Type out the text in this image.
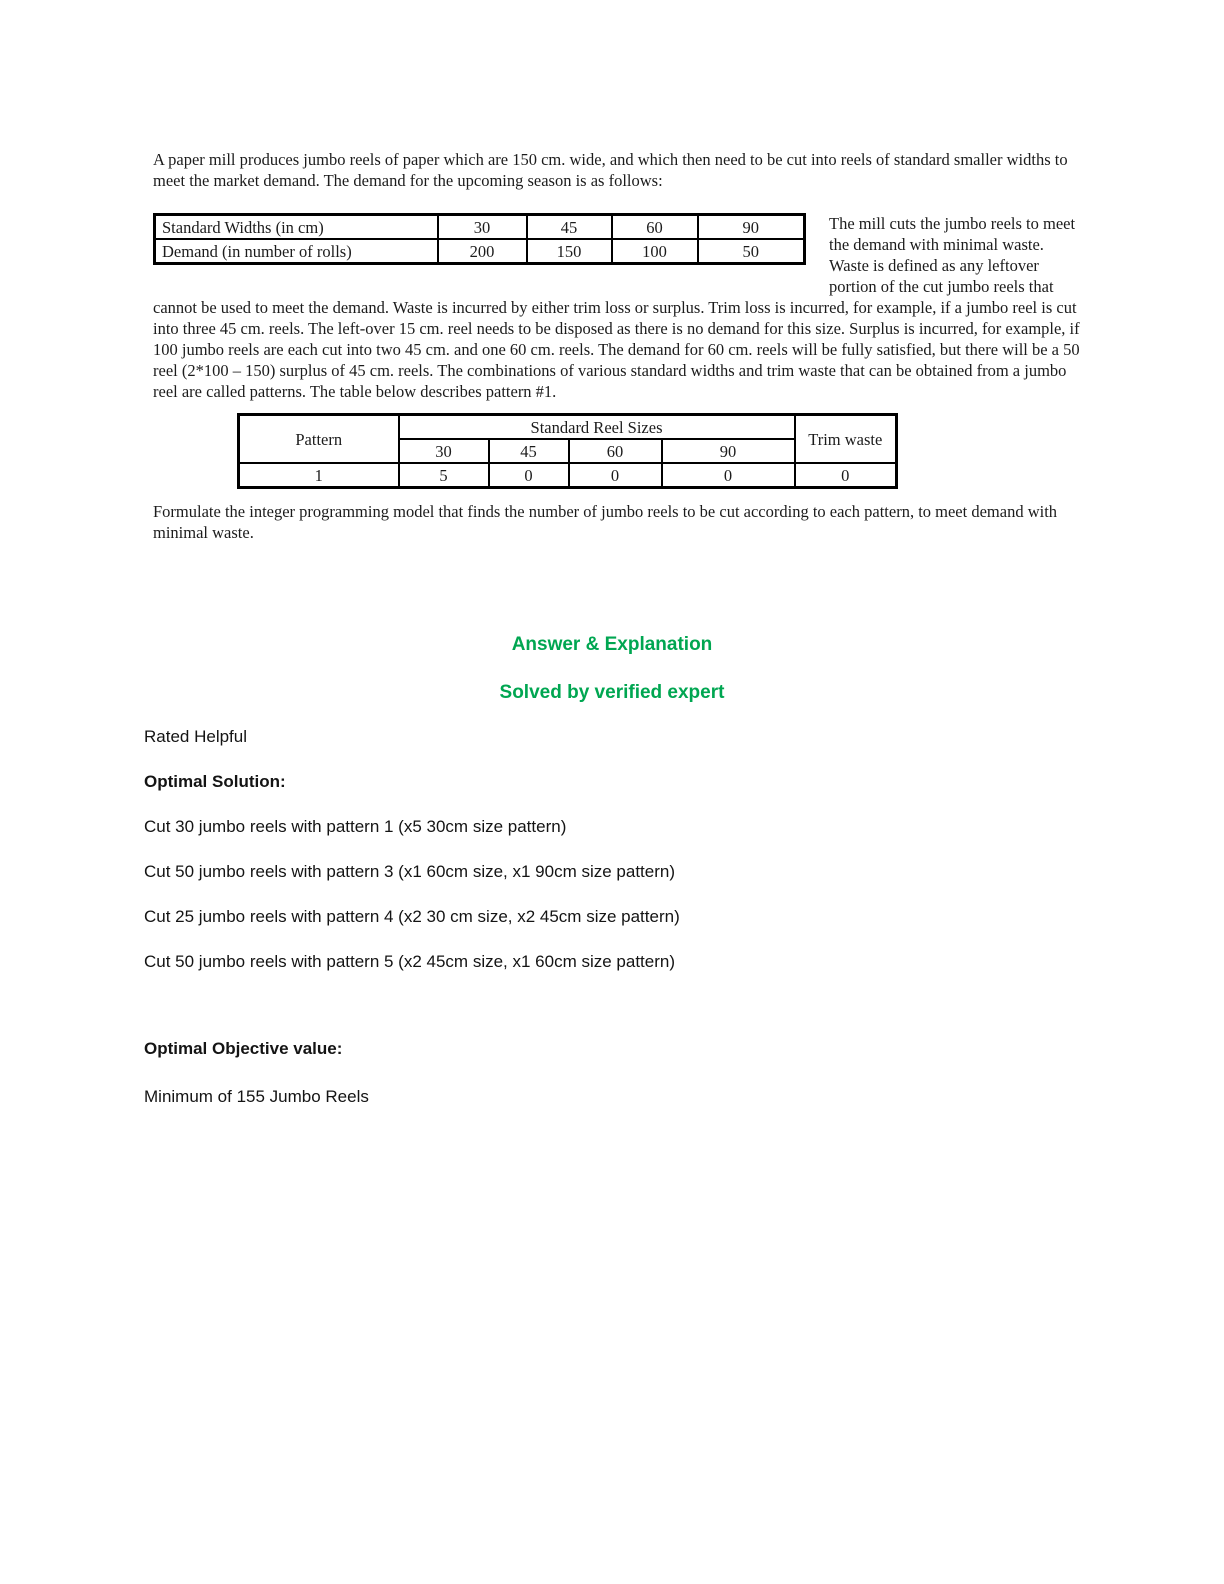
A paper mill produces jumbo reels of paper which are 150 cm. wide, and which then need to be cut into reels of standard smaller widths to meet the market demand. The demand for the upcoming season is as follows:

Standard Widths (in cm)	30	45	60	90
Demand (in number of rolls)	200	150	100	50

The mill cuts the jumbo reels to meet the demand with minimal waste. Waste is defined as any leftover portion of the cut jumbo reels that cannot be used to meet the demand. Waste is incurred by either trim loss or surplus. Trim loss is incurred, for example, if a jumbo reel is cut into three 45 cm. reels. The left-over 15 cm. reel needs to be disposed as there is no demand for this size. Surplus is incurred, for example, if 100 jumbo reels are each cut into two 45 cm. and one 60 cm. reels. The demand for 60 cm. reels will be fully satisfied, but there will be a 50 reel (2*100 – 150) surplus of 45 cm. reels. The combinations of various standard widths and trim waste that can be obtained from a jumbo reel are called patterns. The table below describes pattern #1.

Pattern	Standard Reel Sizes				Trim waste
	30	45	60	90	
1	5	0	0	0	0

Formulate the integer programming model that finds the number of jumbo reels to be cut according to each pattern, to meet demand with minimal waste.

Answer & Explanation
Solved by verified expert

Rated Helpful

Optimal Solution:

Cut 30 jumbo reels with pattern 1 (x5 30cm size pattern)

Cut 50 jumbo reels with pattern 3 (x1 60cm size, x1 90cm size pattern)

Cut 25 jumbo reels with pattern 4 (x2 30 cm size, x2 45cm size pattern)

Cut 50 jumbo reels with pattern 5 (x2 45cm size, x1 60cm size pattern)

Optimal Objective value:

Minimum of 155 Jumbo Reels
